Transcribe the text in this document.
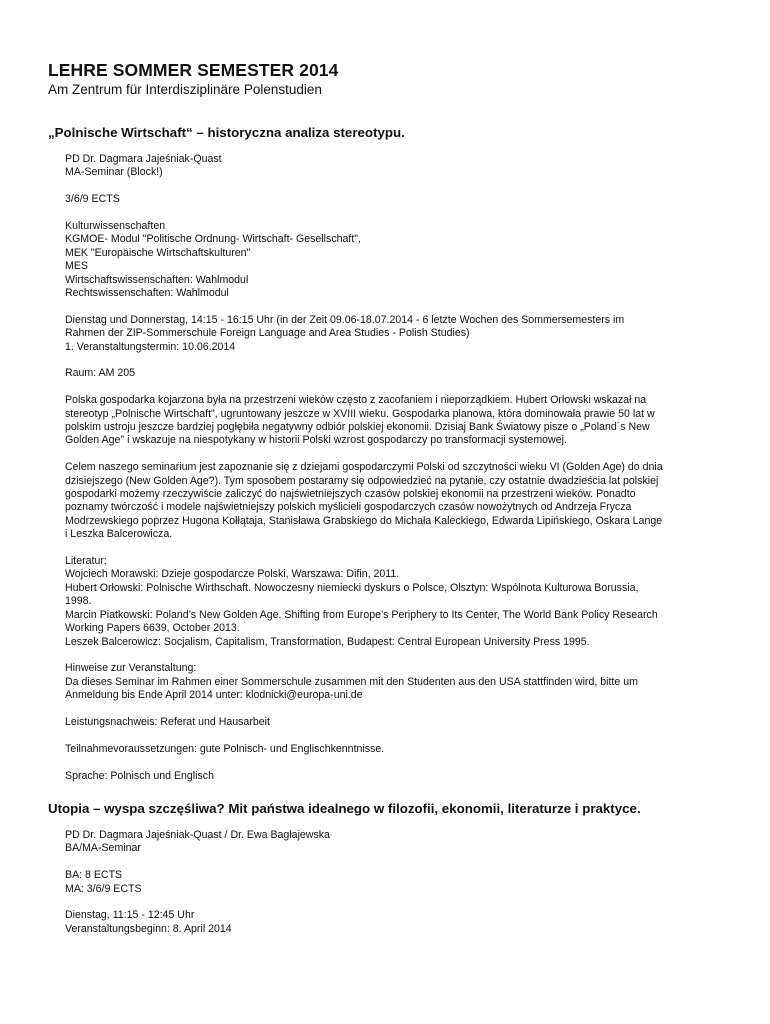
LEHRE SOMMER SEMESTER 2014
Am Zentrum für Interdisziplinäre Polenstudien
„Polnische Wirtschaft“ – historyczna analiza stereotypu.

PD Dr. Dagmara Jajeśniak-Quast
MA-Seminar (Block!)

3/6/9 ECTS

Kulturwissenschaften
KGMOE- Modul "Politische Ordnung- Wirtschaft- Gesellschaft",
MEK "Europäische Wirtschaftskulturen"
MES
Wirtschaftswissenschaften: Wahlmodul
Rechtswissenschaften: Wahlmodul

Dienstag und Donnerstag, 14:15 - 16:15 Uhr (in der Zeit 09.06-18.07.2014 - 6 letzte Wochen des Sommersemesters im
Rahmen der ZIP-Sommerschule Foreign Language and Area Studies - Polish Studies)
1. Veranstaltungstermin: 10.06.2014

Raum: AM 205

Polska gospodarka kojarzona była na przestrzeni wieków często z zacofaniem i nieporządkiem. Hubert Orłowski wskazał na
stereotyp „Polnische Wirtschaft", ugruntowany jeszcze w XVIII wieku. Gospodarka planowa, która dominowała prawie 50 lat w
polskim ustroju jeszcze bardziej pogłębiła negatywny odbiór polskiej ekonomii. Dzisiaj Bank Światowy pisze o „Poland´s New
Golden Age" i wskazuje na niespotykany w historii Polski wzrost gospodarczy po transformacji systemowej.

Celem naszego seminarium jest zapoznanie się z dziejami gospodarczymi Polski od szczytności wieku VI (Golden Age) do dnia
dzisiejszego (New Golden Age?). Tym sposobem postaramy się odpowiedzieć na pytanie, czy ostatnie dwadzieścia lat polskiej
gospodarki możemy rzeczywiście zaliczyć do najświetniejszych czasów polskiej ekonomii na przestrzeni wieków. Ponadto
poznamy twórczość i modele najświetniejszy polskich myślicieli gospodarczych czasów nowożytnych od Andrzeja Frycza
Modrzewskiego poprzez Hugona Kołłątaja, Stanisława Grabskiego do Michała Kaleckiego, Edwarda Lipińskiego, Oskara Lange
i Leszka Balcerowicza.

Literatur:
Wojciech Morawski: Dzieje gospodarcze Polski, Warszawa: Difin, 2011.
Hubert Orłowski: Polnische Wirthschaft. Nowoczesny niemiecki dyskurs o Polsce, Olsztyn: Wspólnota Kulturowa Borussia,
1998.
Marcin Piatkowski: Poland’s New Golden Age. Shifting from Europe’s Periphery to Its Center, The World Bank Policy Research
Working Papers 6639, October 2013.
Leszek Balcerowicz: Socjalism, Capitalism, Transformation, Budapest: Central European University Press 1995.

Hinweise zur Veranstaltung:
Da dieses Seminar im Rahmen einer Sommerschule zusammen mit den Studenten aus den USA stattfinden wird, bitte um
Anmeldung bis Ende April 2014 unter: klodnicki@europa-uni.de

Leistungsnachweis: Referat und Hausarbeit

Teilnahmevoraussetzungen: gute Polnisch- und Englischkenntnisse.

Sprache: Polnisch und Englisch

Utopia – wyspa szczęśliwa? Mit państwa idealnego w filozofii, ekonomii, literaturze i praktyce.

PD Dr. Dagmara Jajeśniak-Quast / Dr. Ewa Bagłajewska
BA/MA-Seminar

BA: 8 ECTS
MA: 3/6/9 ECTS

Dienstag, 11:15 - 12:45 Uhr
Veranstaltungsbeginn: 8. April 2014
